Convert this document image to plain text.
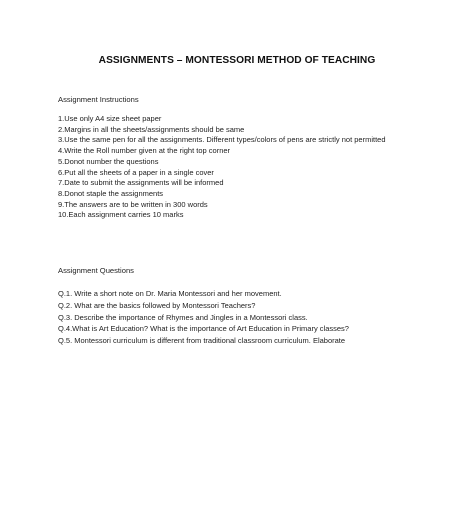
ASSIGNMENTS – MONTESSORI METHOD OF TEACHING
Assignment Instructions
1.Use only A4 size sheet paper
2.Margins in all the sheets/assignments should be same
3.Use the same pen for all the assignments. Different types/colors of pens are strictly not permitted
4.Write the Roll number given at the right top corner
5.Donot number the questions
6.Put all the sheets of a paper in a single cover
7.Date to submit the assignments will be informed
8.Donot staple the assignments
9.The answers are to be written in 300 words
10.Each assignment carries 10 marks
Assignment Questions
Q.1. Write a short note on Dr. Maria Montessori and her movement.
Q.2. What are the basics followed by Montessori Teachers?
Q.3. Describe the importance of Rhymes and Jingles in a Montessori class.
Q.4.What is Art Education? What is the importance of Art Education in Primary classes?
Q.5. Montessori curriculum is different from traditional classroom curriculum. Elaborate
